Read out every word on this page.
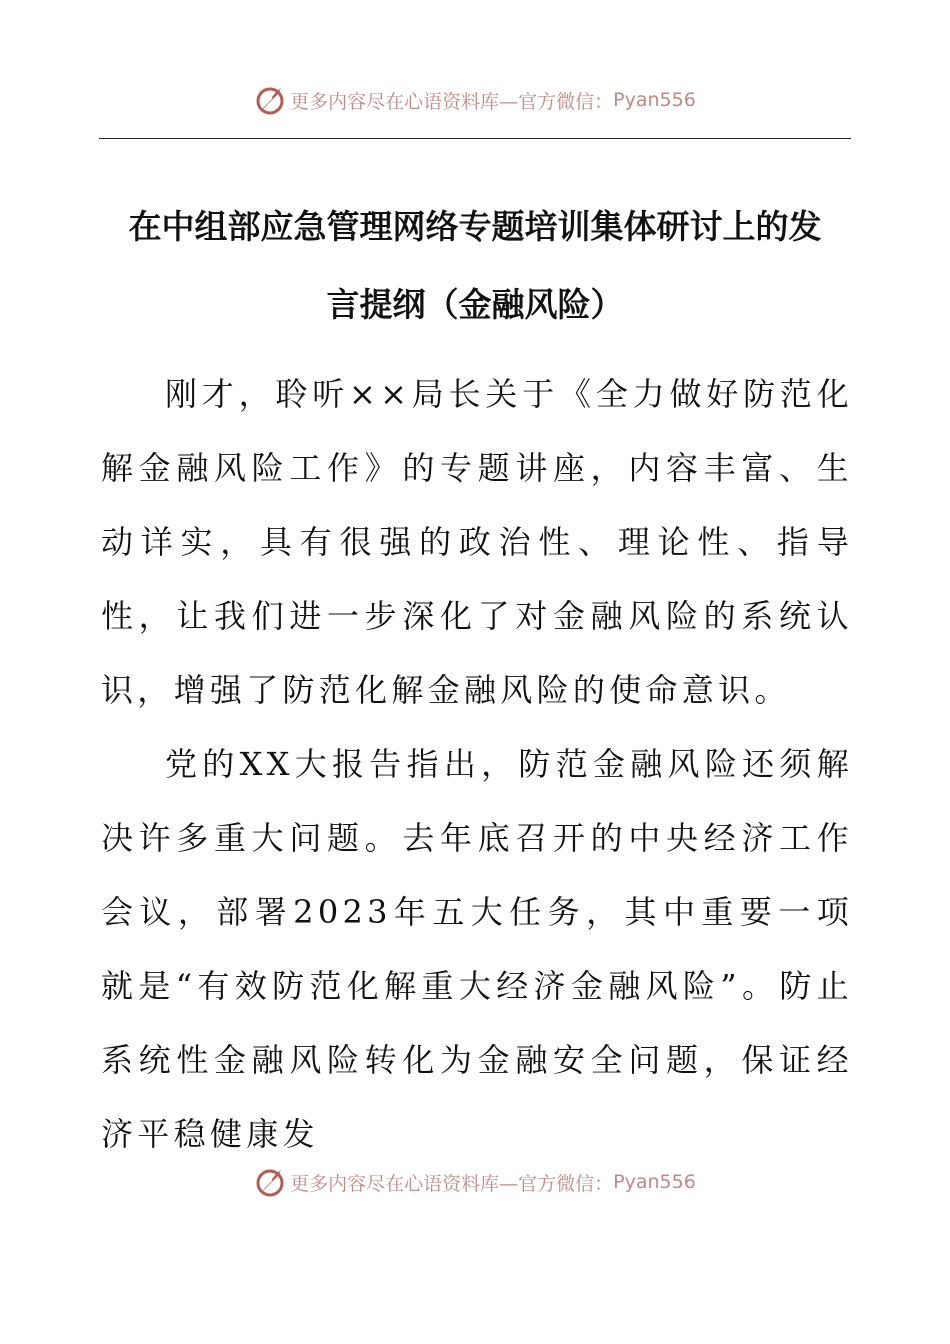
更多内容尽在心语资料库—官方微信： Pyan556
在中组部应急管理网络专题培训集体研讨上的发
言提纲（金融风险）

刚才，聆听××局长关于《全力做好防范化解金融风险工作》的专题讲座，内容丰富、生动详实，具有很强的政治性、理论性、指导性，让我们进一步深化了对金融风险的系统认识，增强了防范化解金融风险的使命意识。

党的XX大报告指出，防范金融风险还须解决许多重大问题。去年底召开的中央经济工作会议，部署2023年五大任务，其中重要一项就是“有效防范化解重大经济金融风险”。防止系统性金融风险转化为金融安全问题，保证经济平稳健康发

更多内容尽在心语资料库—官方微信： Pyan556
